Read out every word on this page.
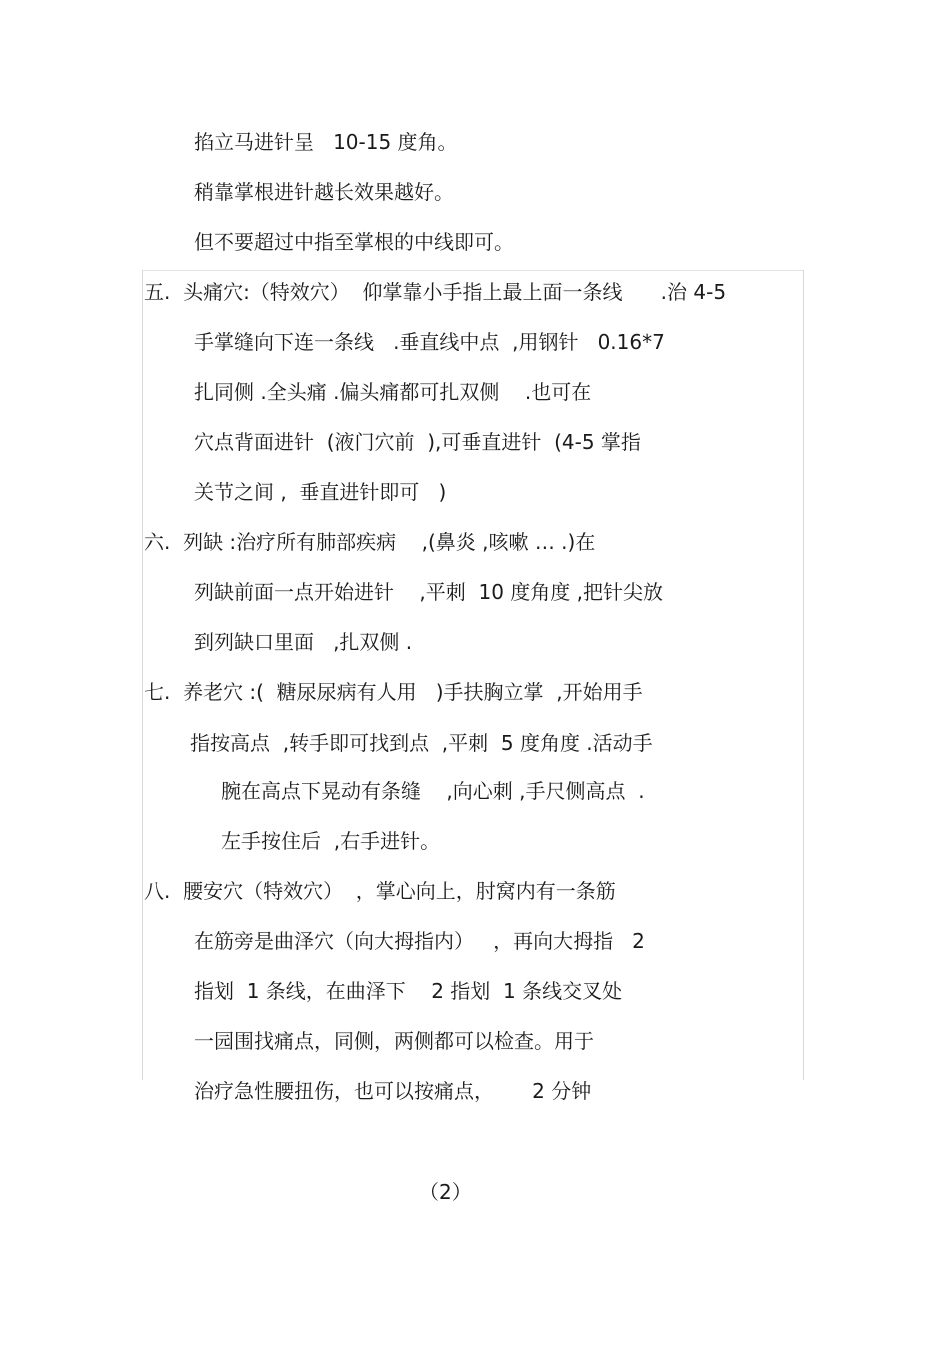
掐立马进针呈   10-15 度角。
稍靠掌根进针越长效果越好。
但不要超过中指至掌根的中线即可。
五.  头痛穴:（特效穴）  仰掌靠小手指上最上面一条线      .治 4-5
手掌缝向下连一条线   .垂直线中点  ,用钢针   0.16*7
扎同侧 .全头痛 .偏头痛都可扎双侧    .也可在
穴点背面进针  (液门穴前  ),可垂直进针  (4-5 掌指
关节之间 ,  垂直进针即可   )
六.  列缺 :治疗所有肺部疾病    ,(鼻炎 ,咳嗽 … .)在
列缺前面一点开始进针    ,平刺  10 度角度 ,把针尖放
到列缺口里面   ,扎双侧 .
七.  养老穴 :(  糖尿尿病有人用   )手扶胸立掌  ,开始用手
指按高点  ,转手即可找到点  ,平刺  5 度角度 .活动手
腕在高点下晃动有条缝    ,向心刺 ,手尺侧高点  .
左手按住后  ,右手进针。
八.  腰安穴（特效穴）  ，掌心向上，肘窝内有一条筋
在筋旁是曲泽穴（向大拇指内）   ，再向大拇指   2
指划  1 条线，在曲泽下    2 指划  1 条线交叉处
一园围找痛点，同侧，两侧都可以检查。用于
治疗急性腰扭伤，也可以按痛点，      2 分钟
（2）
